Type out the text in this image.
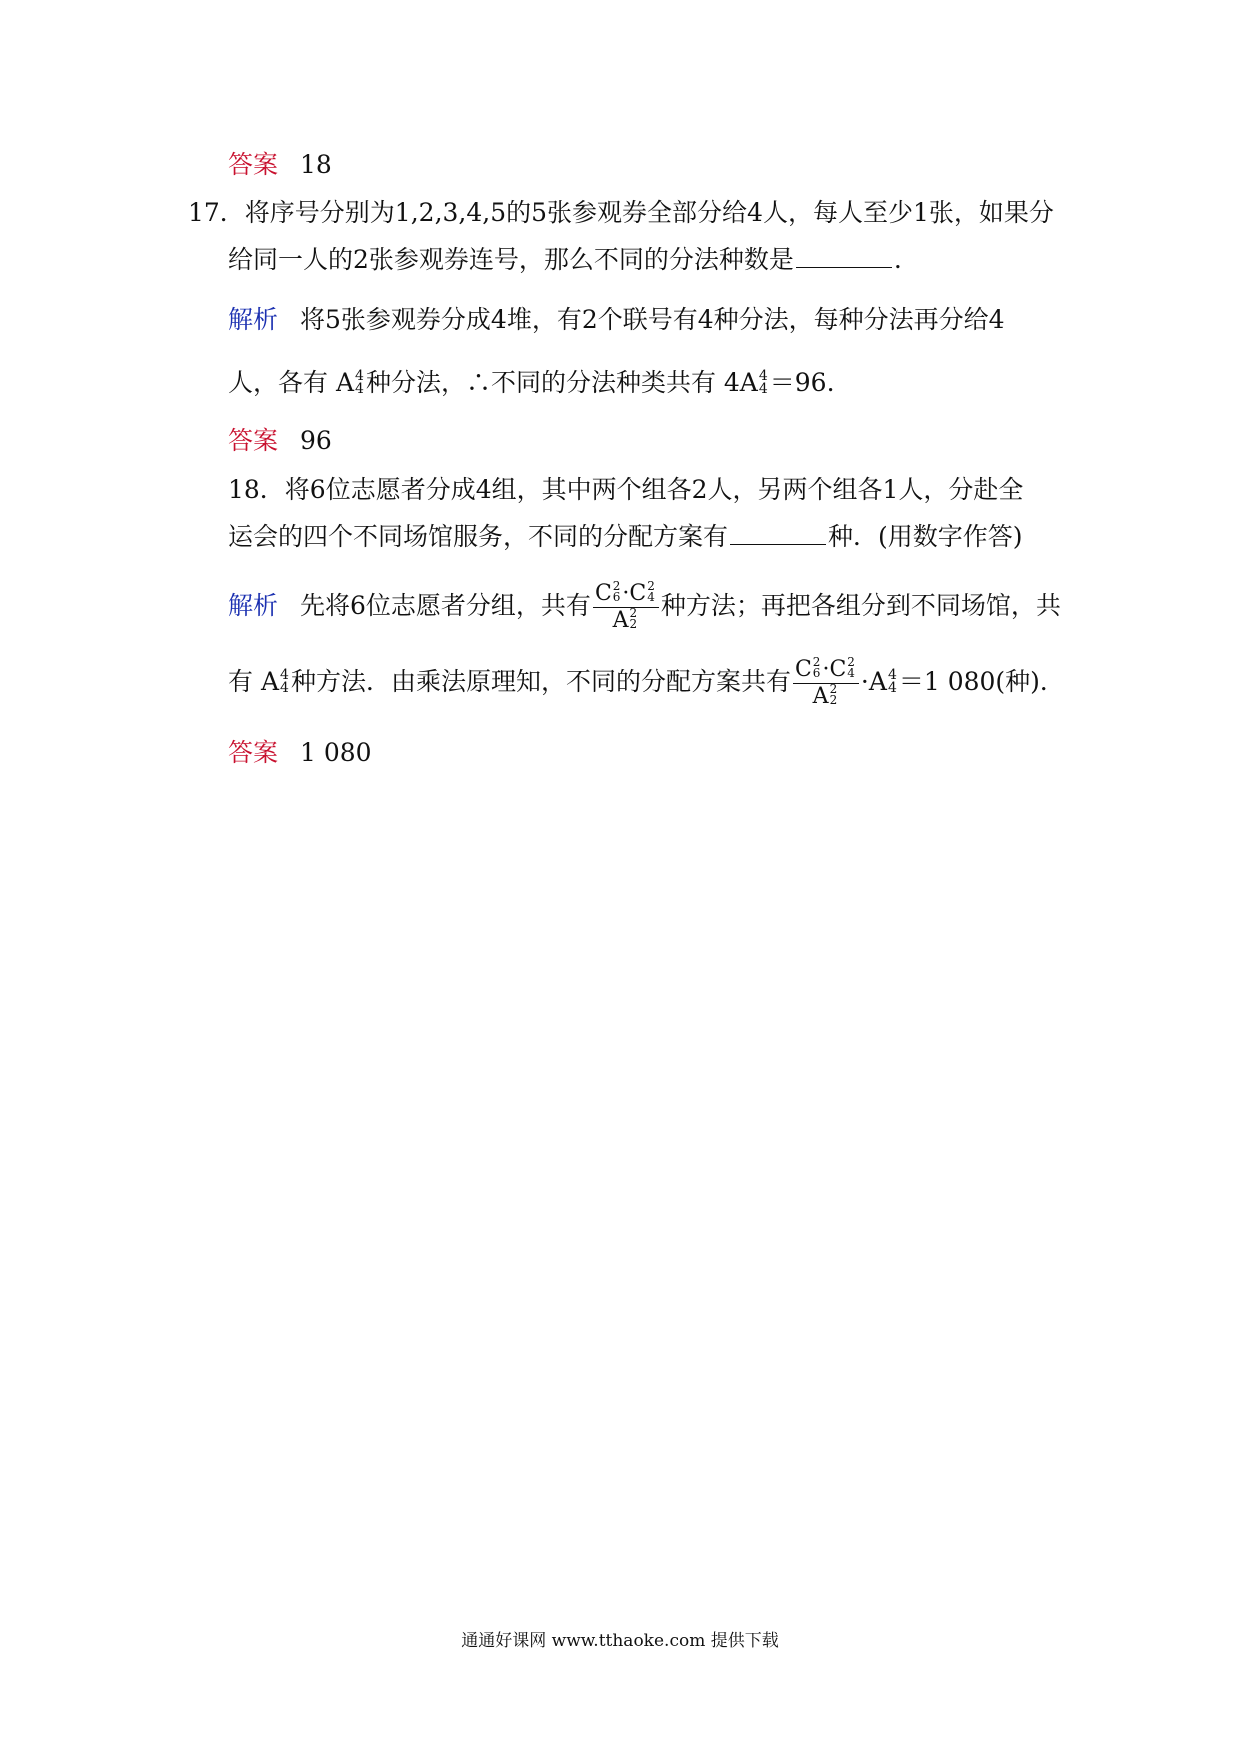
答案 18
17．将序号分别为1,2,3,4,5的5张参观券全部分给4人，每人至少1张，如果分
给同一人的2张参观券连号，那么不同的分法种数是	.
解析 将5张参观券分成4堆，有2个联号有4种分法，每种分法再分给4
人，各有 A 4
4 种分法，∴不同的分法种类共有 4A 4
4 ＝96.
答案 96
18．将6位志愿者分成4组，其中两个组各2人，另两个组各1人，分赴全
运会的四个不同场馆服务，不同的分配方案有	种．(用数字作答)
解析 先将6位志愿者分组，共有 C 2
6 ·C 2
4
A 2
2 种方法；再把各组分到不同场馆，共
有 A 4
4 种方法．由乘法原理知，不同的分配方案共有 C 2
6 ·C 2
4
A 2
2 ·A 4
4 ＝1 080(种)．
答案 1 080
通通好课网 www.tthaoke.com 提供下载
